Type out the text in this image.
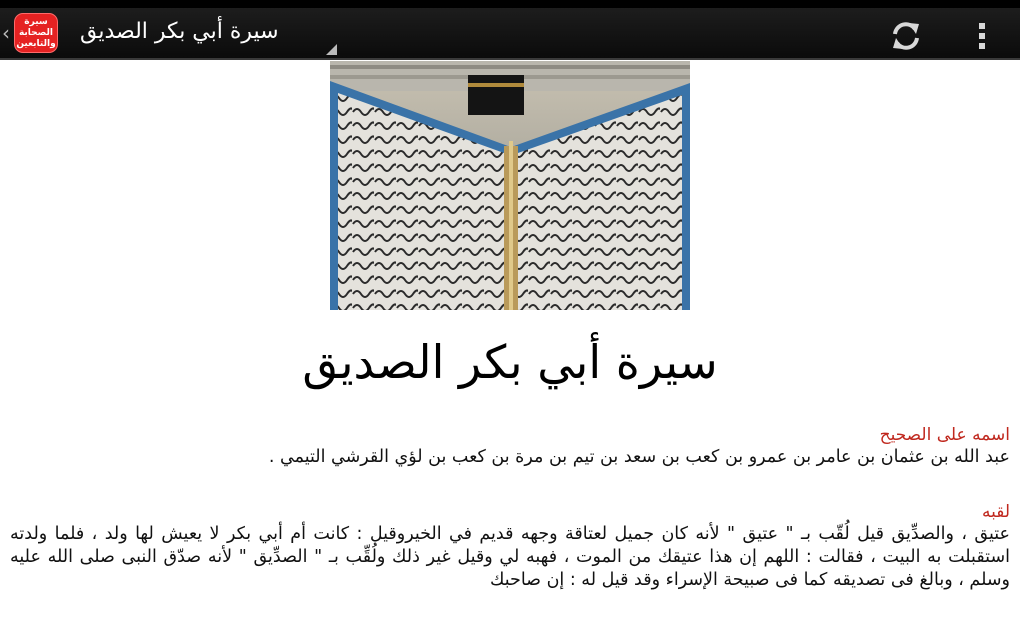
‹	سيرة
الصحابة
والتابعين سيرة أبي بكر الصديق
سيرة أبي بكر الصديق
اسمه على الصحيح
عبد الله بن عثمان بن عامر بن عمرو بن كعب بن سعد بن تيم بن مرة بن كعب بن لؤي القرشي التيمي .
لقبه
عتيق ، والصدِّيق قيل لُقّب بـ " عتيق " لأنه كان جميل لعتاقة وجهه قديم في الخيروقيل : كانت أم أبي بكر لا يعيش لها ولد ، فلما ولدته استقبلت به البيت ، فقالت : اللهم إن هذا عتيقك من الموت ، فهبه لي وقيل غير ذلك ولُقِّب بـ " الصدِّيق " لأنه صدّق النبى صلى الله عليه وسلم ، وبالغ فى تصديقه كما فى صبيحة الإسراء وقد قيل له : إن صاحبك
